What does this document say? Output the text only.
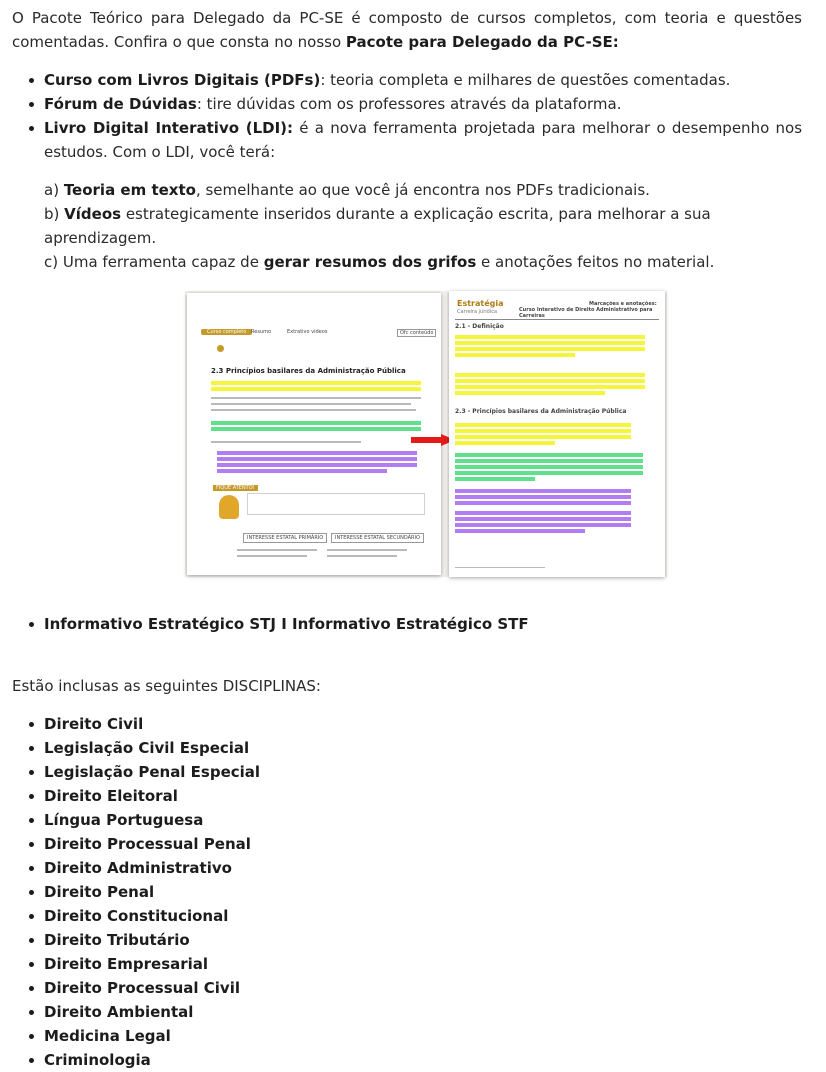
O Pacote Teórico para Delegado da PC-SE é composto de cursos completos, com teoria e questões comentadas. Confira o que consta no nosso Pacote para Delegado da PC-SE:

Curso com Livros Digitais (PDFs): teoria completa e milhares de questões comentadas.
Fórum de Dúvidas: tire dúvidas com os professores através da plataforma.
Livro Digital Interativo (LDI): é a nova ferramenta projetada para melhorar o desempenho nos estudos. Com o LDI, você terá:
a) Teoria em texto, semelhante ao que você já encontra nos PDFs tradicionais.
b) Vídeos estrategicamente inseridos durante a explicação escrita, para melhorar a sua aprendizagem.
c) Uma ferramenta capaz de gerar resumos dos grifos e anotações feitos no material.
Curso completo Resumo	Extrativo videos	Ofc conteúdo
2.3 Princípios basilares da Administração Pública
FIQUE ATENTO!
INTERESSE ESTATAL PRIMÁRIO	INTERESSE ESTATAL SECUNDÁRIO
Estratégia
Carreira jurídica
Marcações e anotações:
Curso Interativo de Direito Administrativo para Carreiras
2.1 - Definição
2.3 - Princípios basilares da Administração Pública
Informativo Estratégico STJ I Informativo Estratégico STF

Estão inclusas as seguintes DISCIPLINAS:

Direito Civil
Legislação Civil Especial
Legislação Penal Especial
Direito Eleitoral
Língua Portuguesa
Direito Processual Penal
Direito Administrativo
Direito Penal
Direito Constitucional
Direito Tributário
Direito Empresarial
Direito Processual Civil
Direito Ambiental
Medicina Legal
Criminologia
